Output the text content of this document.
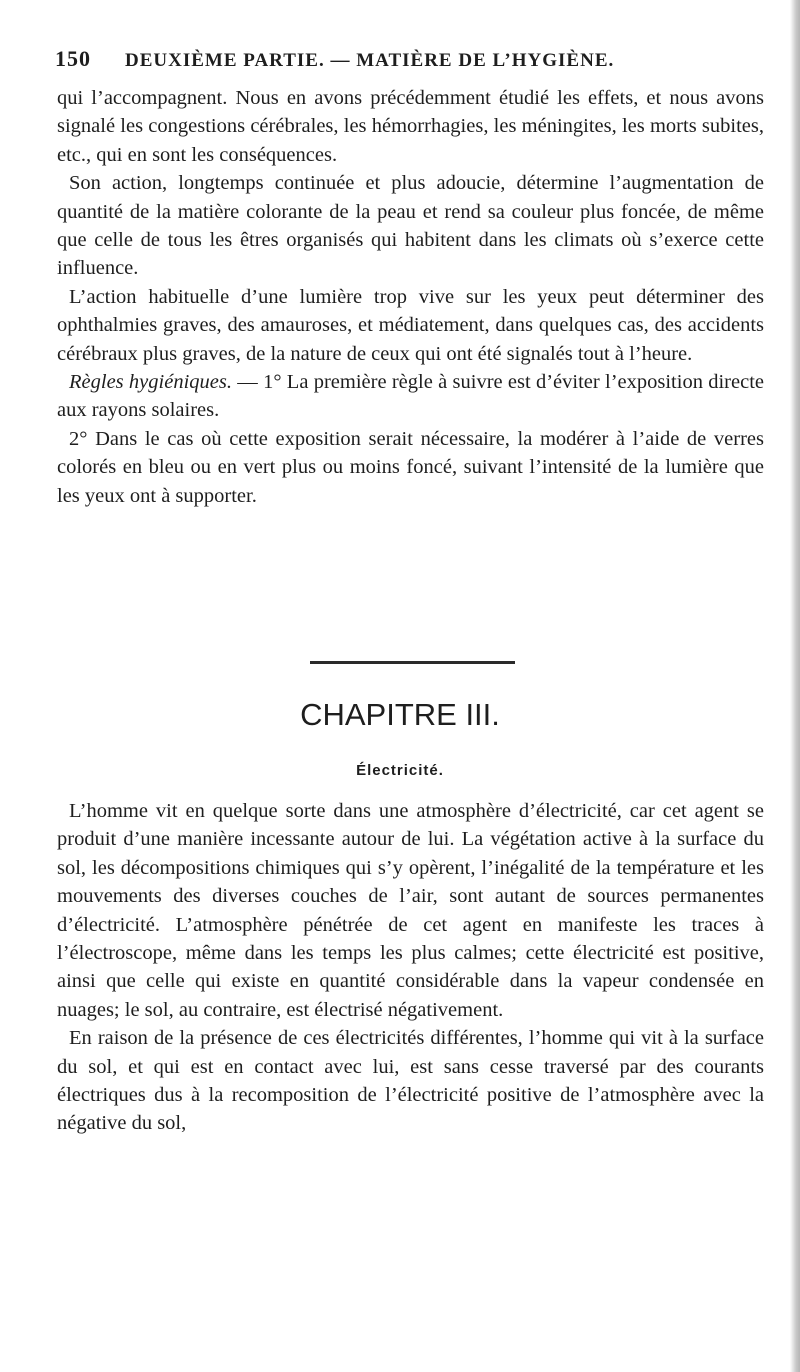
150 DEUXIÈME PARTIE. — MATIÈRE DE L’HYGIÈNE.

qui l’accompagnent. Nous en avons précédemment étudié les effets, et nous avons signalé les congestions cérébrales, les hémorrhagies, les méningites, les morts subites, etc., qui en sont les conséquences.

Son action, longtemps continuée et plus adoucie, détermine l’augmentation de quantité de la matière colorante de la peau et rend sa couleur plus foncée, de même que celle de tous les êtres organisés qui habitent dans les climats où s’exerce cette influence.

L’action habituelle d’une lumière trop vive sur les yeux peut déterminer des ophthalmies graves, des amauroses, et médiatement, dans quelques cas, des accidents cérébraux plus graves, de la nature de ceux qui ont été signalés tout à l’heure.

Règles hygiéniques. — 1° La première règle à suivre est d’éviter l’exposition directe aux rayons solaires.

2° Dans le cas où cette exposition serait nécessaire, la modérer à l’aide de verres colorés en bleu ou en vert plus ou moins foncé, suivant l’intensité de la lumière que les yeux ont à supporter.

CHAPITRE III.
Électricité.

L’homme vit en quelque sorte dans une atmosphère d’électricité, car cet agent se produit d’une manière incessante autour de lui. La végétation active à la surface du sol, les décompositions chimiques qui s’y opèrent, l’inégalité de la température et les mouvements des diverses couches de l’air, sont autant de sources permanentes d’électricité. L’atmosphère pénétrée de cet agent en manifeste les traces à l’électroscope, même dans les temps les plus calmes; cette électricité est positive, ainsi que celle qui existe en quantité considérable dans la vapeur condensée en nuages; le sol, au contraire, est électrisé négativement.

En raison de la présence de ces électricités différentes, l’homme qui vit à la surface du sol, et qui est en contact avec lui, est sans cesse traversé par des courants électriques dus à la recomposition de l’électricité positive de l’atmosphère avec la négative du sol,
